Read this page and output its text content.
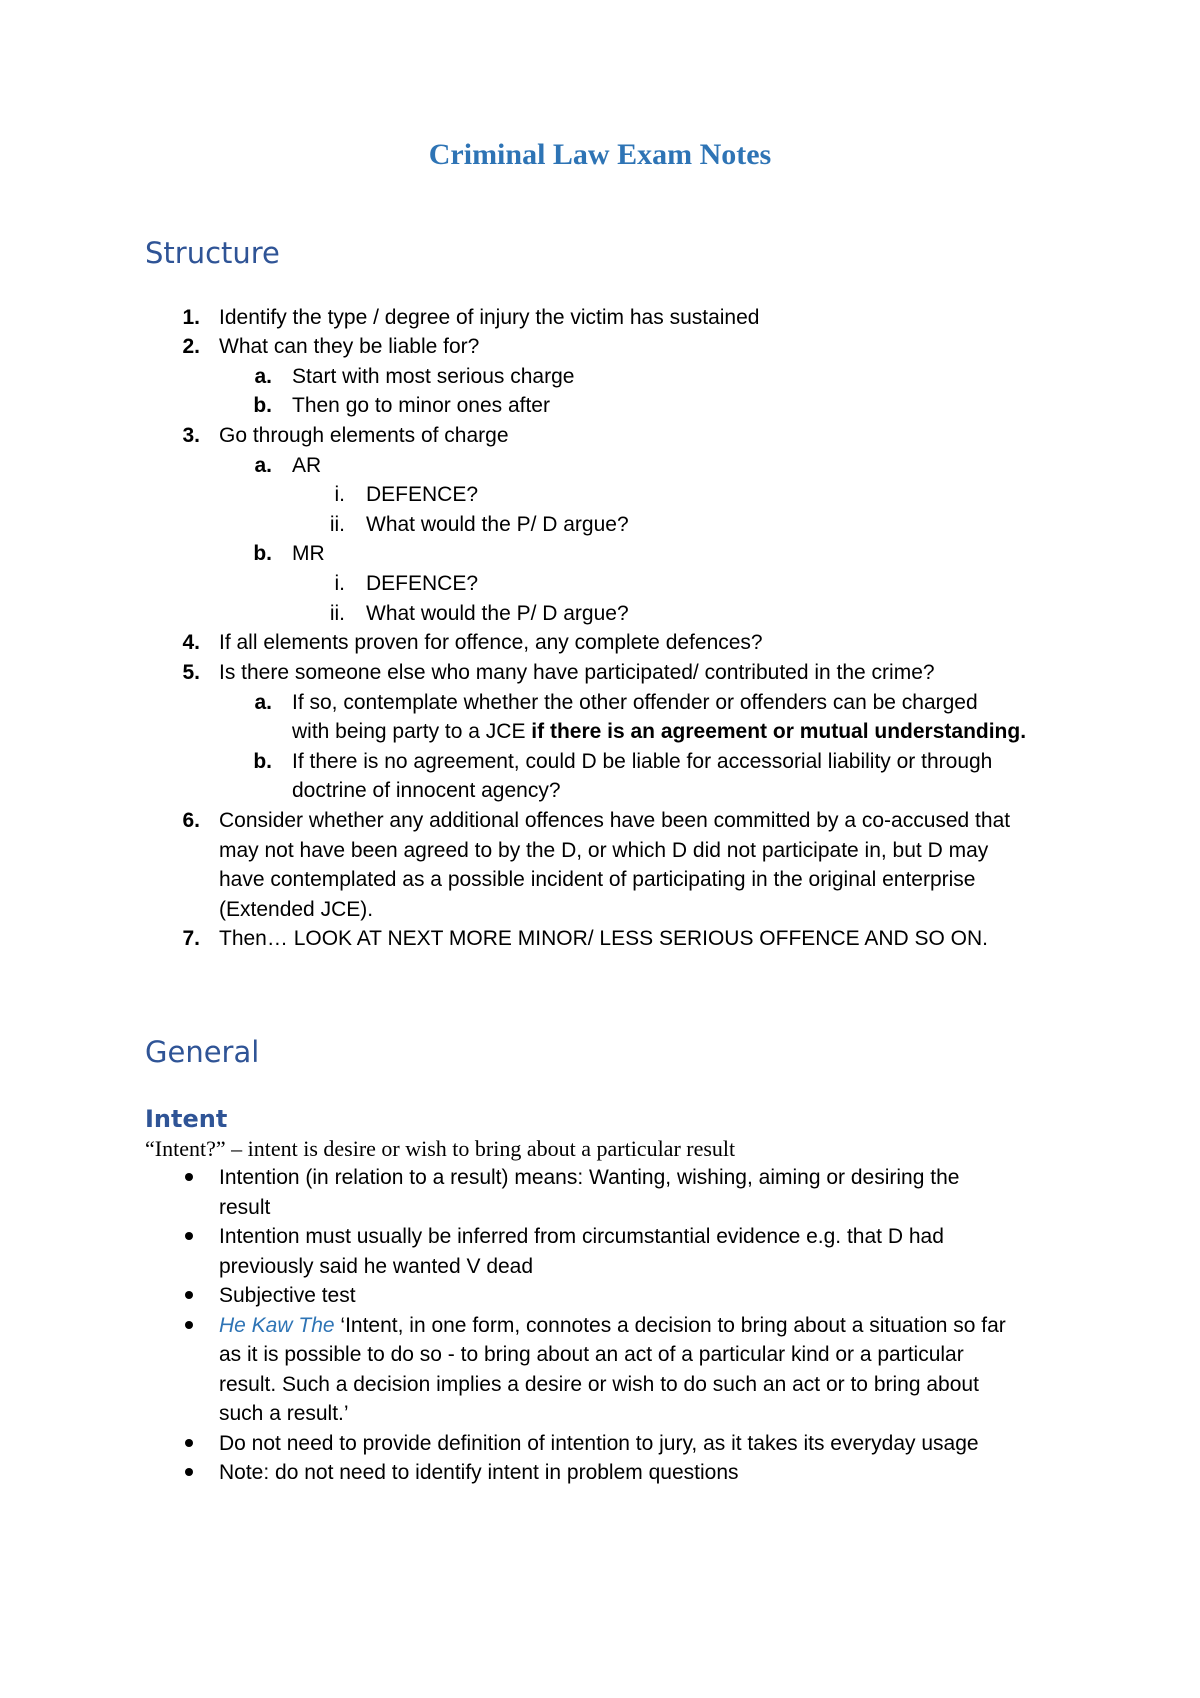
Criminal Law Exam Notes
Structure
1. Identify the type / degree of injury the victim has sustained
2. What can they be liable for?
a. Start with most serious charge
b. Then go to minor ones after
3. Go through elements of charge
a. AR
i. DEFENCE?
ii. What would the P/ D argue?
b. MR
i. DEFENCE?
ii. What would the P/ D argue?
4. If all elements proven for offence, any complete defences?
5. Is there someone else who many have participated/ contributed in the crime?
a. If so, contemplate whether the other offender or offenders can be charged
with being party to a JCE if there is an agreement or mutual understanding.
b. If there is no agreement, could D be liable for accessorial liability or through
doctrine of innocent agency?
6. Consider whether any additional offences have been committed by a co-accused that
may not have been agreed to by the D, or which D did not participate in, but D may
have contemplated as a possible incident of participating in the original enterprise
(Extended JCE).
7. Then… LOOK AT NEXT MORE MINOR/ LESS SERIOUS OFFENCE AND SO ON.
General
Intent
“Intent?” – intent is desire or wish to bring about a particular result
Intention (in relation to a result) means: Wanting, wishing, aiming or desiring the
result
Intention must usually be inferred from circumstantial evidence e.g. that D had
previously said he wanted V dead
Subjective test
He Kaw The ‘Intent, in one form, connotes a decision to bring about a situation so far
as it is possible to do so - to bring about an act of a particular kind or a particular
result. Such a decision implies a desire or wish to do such an act or to bring about
such a result.’
Do not need to provide definition of intention to jury, as it takes its everyday usage
Note: do not need to identify intent in problem questions
